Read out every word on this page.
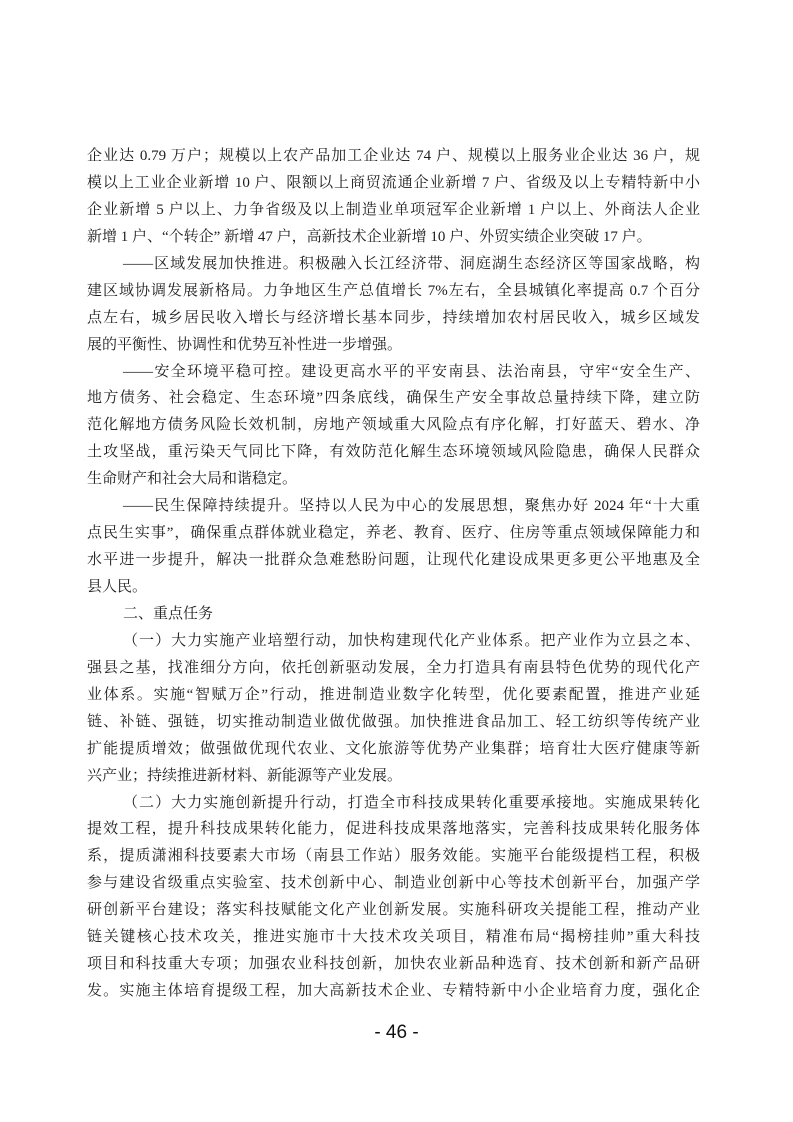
企业达 0.79 万户；规模以上农产品加工企业达 74 户、规模以上服务业企业达 36 户，规
模以上工业企业新增 10 户、限额以上商贸流通企业新增 7 户、省级及以上专精特新中小
企业新增 5 户以上、力争省级及以上制造业单项冠军企业新增 1 户以上、外商法人企业
新增 1 户、“个转企” 新增 47 户，高新技术企业新增 10 户、外贸实绩企业突破 17 户。
——区域发展加快推进。积极融入长江经济带、洞庭湖生态经济区等国家战略，构
建区域协调发展新格局。力争地区生产总值增长 7%左右，全县城镇化率提高 0.7 个百分
点左右，城乡居民收入增长与经济增长基本同步，持续增加农村居民收入，城乡区域发
展的平衡性、协调性和优势互补性进一步增强。
——安全环境平稳可控。建设更高水平的平安南县、法治南县，守牢“安全生产、
地方债务、社会稳定、生态环境”四条底线，确保生产安全事故总量持续下降，建立防
范化解地方债务风险长效机制，房地产领域重大风险点有序化解，打好蓝天、碧水、净
土攻坚战，重污染天气同比下降，有效防范化解生态环境领域风险隐患，确保人民群众
生命财产和社会大局和谐稳定。
——民生保障持续提升。坚持以人民为中心的发展思想，聚焦办好 2024 年“十大重
点民生实事”，确保重点群体就业稳定，养老、教育、医疗、住房等重点领域保障能力和
水平进一步提升，解决一批群众急难愁盼问题，让现代化建设成果更多更公平地惠及全
县人民。
二、重点任务
（一）大力实施产业培塑行动，加快构建现代化产业体系。把产业作为立县之本、
强县之基，找准细分方向，依托创新驱动发展，全力打造具有南县特色优势的现代化产
业体系。实施“智赋万企”行动，推进制造业数字化转型，优化要素配置，推进产业延
链、补链、强链，切实推动制造业做优做强。加快推进食品加工、轻工纺织等传统产业
扩能提质增效；做强做优现代农业、文化旅游等优势产业集群；培育壮大医疗健康等新
兴产业；持续推进新材料、新能源等产业发展。
（二）大力实施创新提升行动，打造全市科技成果转化重要承接地。实施成果转化
提效工程，提升科技成果转化能力，促进科技成果落地落实，完善科技成果转化服务体
系，提质潇湘科技要素大市场（南县工作站）服务效能。实施平台能级提档工程，积极
参与建设省级重点实验室、技术创新中心、制造业创新中心等技术创新平台，加强产学
研创新平台建设；落实科技赋能文化产业创新发展。实施科研攻关提能工程，推动产业
链关键核心技术攻关，推进实施市十大技术攻关项目，精准布局“揭榜挂帅”重大科技
项目和科技重大专项；加强农业科技创新，加快农业新品种选育、技术创新和新产品研
发。实施主体培育提级工程，加大高新技术企业、专精特新中小企业培育力度，强化企
- 46 -
